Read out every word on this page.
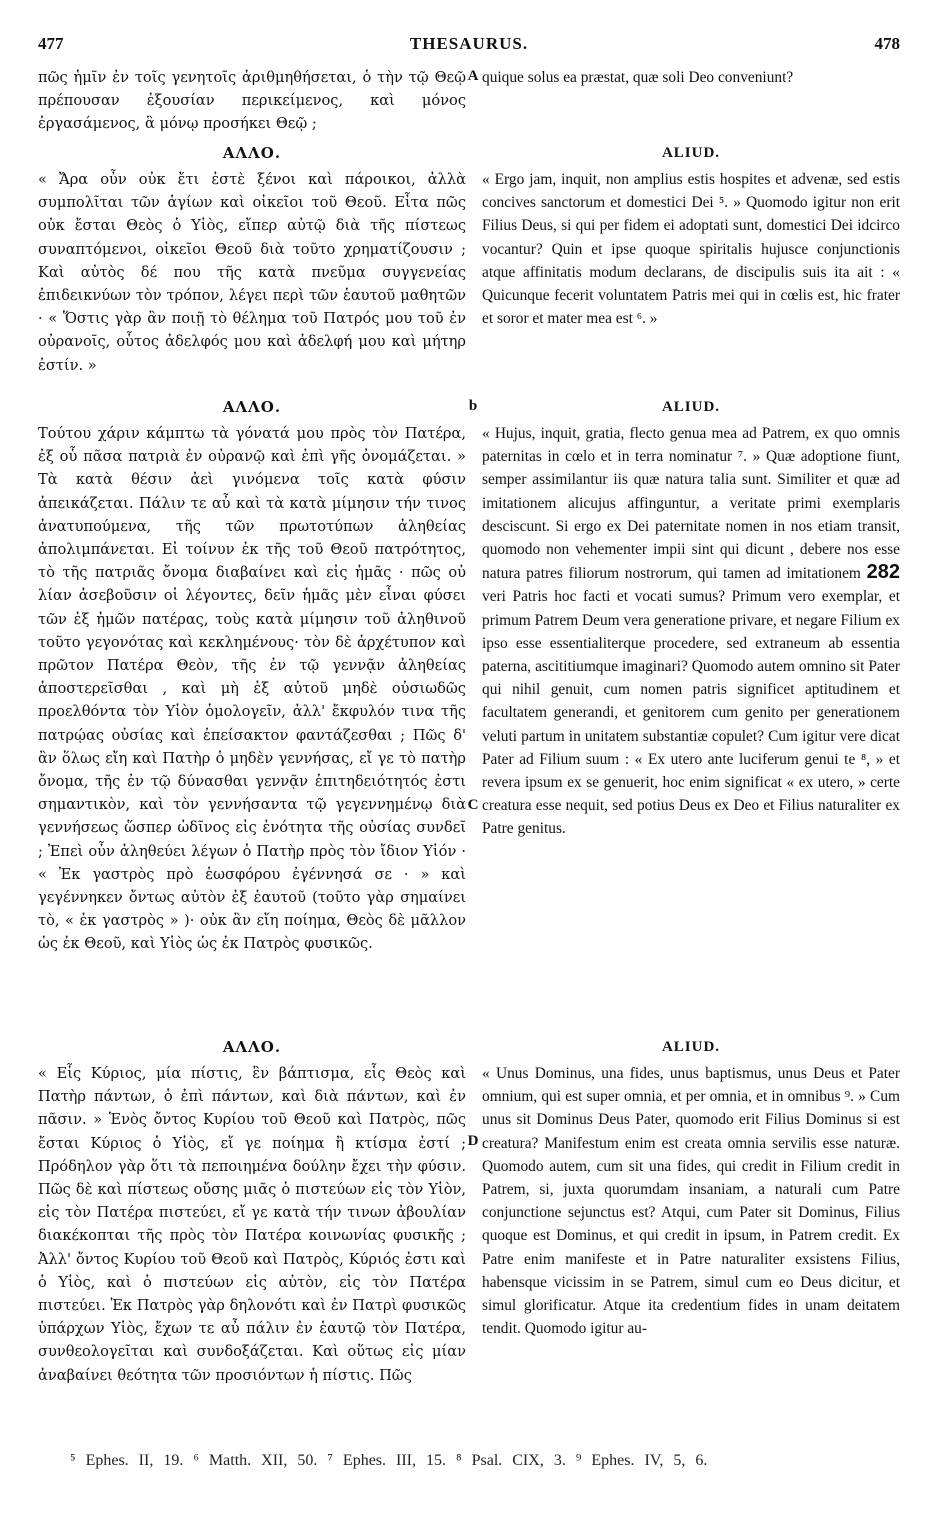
477	THESAURUS.	478
A
b
C
D

πῶς ἡμῖν ἐν τοῖς γενητοῖς ἀριθμηθήσεται, ὁ τὴν τῷ Θεῷ πρέπουσαν ἐξουσίαν περικείμενος, καὶ μόνος ἐργασάμενος, ἃ μόνῳ προσήκει Θεῷ ;

ΑΛΛΟ.

« Ἄρα οὖν οὐκ ἔτι ἐστὲ ξένοι καὶ πάροικοι, ἀλλὰ συμπολῖται τῶν ἁγίων καὶ οἰκεῖοι τοῦ Θεοῦ. Εἶτα πῶς οὐκ ἔσται Θεὸς ὁ Υἱὸς, εἴπερ αὐτῷ διὰ τῆς πίστεως συναπτόμενοι, οἰκεῖοι Θεοῦ διὰ τοῦτο χρηματίζουσιν ; Καὶ αὐτὸς δέ που τῆς κατὰ πνεῦμα συγγενείας ἐπιδεικνύων τὸν τρόπον, λέγει περὶ τῶν ἑαυτοῦ μαθητῶν · « Ὅστις γὰρ ἂν ποιῇ τὸ θέλημα τοῦ Πατρός μου τοῦ ἐν οὐρανοῖς, οὗτος ἀδελφός μου καὶ ἀδελφή μου καὶ μήτηρ ἐστίν. »

ΑΛΛΟ.

Τούτου χάριν κάμπτω τὰ γόνατά μου πρὸς τὸν Πατέρα, ἐξ οὗ πᾶσα πατριὰ ἐν οὐρανῷ καὶ ἐπὶ γῆς ὀνομάζεται. » Τὰ κατὰ θέσιν ἀεὶ γινόμενα τοῖς κατὰ φύσιν ἀπεικάζεται. Πάλιν τε αὖ καὶ τὰ κατὰ μίμησιν τήν τινος ἀνατυπούμενα, τῆς τῶν πρωτοτύπων ἀληθείας ἀπολιμπάνεται. Εἰ τοίνυν ἐκ τῆς τοῦ Θεοῦ πατρότητος, τὸ τῆς πατριᾶς ὄνομα διαβαίνει καὶ εἰς ἡμᾶς · πῶς οὐ λίαν ἀσεβοῦσιν οἱ λέγοντες, δεῖν ἡμᾶς μὲν εἶναι φύσει τῶν ἐξ ἡμῶν πατέρας, τοὺς κατὰ μίμησιν τοῦ ἀληθινοῦ τοῦτο γεγονότας καὶ κεκλημένους· τὸν δὲ ἀρχέτυπον καὶ πρῶτον Πατέρα Θεὸν, τῆς ἐν τῷ γεννᾷν ἀληθείας ἀποστερεῖσθαι , καὶ μὴ ἐξ αὐτοῦ μηδὲ οὐσιωδῶς προελθόντα τὸν Υἱὸν ὁμολογεῖν, ἀλλ' ἔκφυλόν τινα τῆς πατρῴας οὐσίας καὶ ἐπείσακτον φαντάζεσθαι ; Πῶς δ' ἂν ὅλως εἴη καὶ Πατὴρ ὁ μηδὲν γεννήσας, εἴ γε τὸ πατὴρ ὄνομα, τῆς ἐν τῷ δύνασθαι γεννᾷν ἐπιτηδειότητός ἐστι σημαντικὸν, καὶ τὸν γεννήσαντα τῷ γεγεννημένῳ διὰ γεννήσεως ὥσπερ ὠδῖνος εἰς ἑνότητα τῆς οὐσίας συνδεῖ ; Ἐπεὶ οὖν ἀληθεύει λέγων ὁ Πατὴρ πρὸς τὸν ἴδιον Υἱόν · « Ἐκ γαστρὸς πρὸ ἑωσφόρου ἐγέννησά σε · » καὶ γεγέννηκεν ὄντως αὐτὸν ἐξ ἑαυτοῦ (τοῦτο γὰρ σημαίνει τὸ, « ἐκ γαστρὸς » )· οὐκ ἂν εἴη ποίημα, Θεὸς δὲ μᾶλλον ὡς ἐκ Θεοῦ, καὶ Υἱὸς ὡς ἐκ Πατρὸς φυσικῶς.

ΑΛΛΟ.

« Εἷς Κύριος, μία πίστις, ἓν βάπτισμα, εἷς Θεὸς καὶ Πατὴρ πάντων, ὁ ἐπὶ πάντων, καὶ διὰ πάντων, καὶ ἐν πᾶσιν. » Ἑνὸς ὄντος Κυρίου τοῦ Θεοῦ καὶ Πατρὸς, πῶς ἔσται Κύριος ὁ Υἱὸς, εἴ γε ποίημα ἢ κτίσμα ἐστί ; Πρόδηλον γὰρ ὅτι τὰ πεποιημένα δούλην ἔχει τὴν φύσιν. Πῶς δὲ καὶ πίστεως οὔσης μιᾶς ὁ πιστεύων εἰς τὸν Υἱὸν, εἰς τὸν Πατέρα πιστεύει, εἴ γε κατὰ τήν τινων ἀβουλίαν διακέκοπται τῆς πρὸς τὸν Πατέρα κοινωνίας φυσικῆς ; Ἀλλ' ὄντος Κυρίου τοῦ Θεοῦ καὶ Πατρὸς, Κύριός ἐστι καὶ ὁ Υἱὸς, καὶ ὁ πιστεύων εἰς αὐτὸν, εἰς τὸν Πατέρα πιστεύει. Ἐκ Πατρὸς γὰρ δηλονότι καὶ ἐν Πατρὶ φυσικῶς ὑπάρχων Υἱὸς, ἔχων τε αὖ πάλιν ἐν ἑαυτῷ τὸν Πατέρα, συνθεολογεῖται καὶ συνδοξάζεται. Καὶ οὕτως εἰς μίαν ἀναβαίνει θεότητα τῶν προσιόντων ἡ πίστις. Πῶς

quique solus ea præstat, quæ soli Deo conveniunt?

ALIUD.

« Ergo jam, inquit, non amplius estis hospites et advenæ, sed estis concives sanctorum et domestici Dei ⁵. » Quomodo igitur non erit Filius Deus, si qui per fidem ei adoptati sunt, domestici Dei idcirco vocantur? Quin et ipse quoque spiritalis hujusce conjunctionis atque affinitatis modum declarans, de discipulis suis ita ait : « Quicunque fecerit voluntatem Patris mei qui in cœlis est, hic frater et soror et mater mea est ⁶. »

ALIUD.

« Hujus, inquit, gratia, flecto genua mea ad Patrem, ex quo omnis paternitas in cœlo et in terra nominatur ⁷. » Quæ adoptione fiunt, semper assimilantur iis quæ natura talia sunt. Similiter et quæ ad imitationem alicujus affinguntur, a veritate primi exemplaris desciscunt. Si ergo ex Dei paternitate nomen in nos etiam transit, quomodo non vehementer impii sint qui dicunt , debere nos esse natura patres filiorum nostrorum, qui tamen ad imitationem 282 veri Patris hoc facti et vocati sumus? Primum vero exemplar, et primum Patrem Deum vera generatione privare, et negare Filium ex ipso esse essentialiterque procedere, sed extraneum ab essentia paterna, ascititiumque imaginari? Quomodo autem omnino sit Pater qui nihil genuit, cum nomen patris significet aptitudinem et facultatem generandi, et genitorem cum genito per generationem veluti partum in unitatem substantiæ copulet? Cum igitur vere dicat Pater ad Filium suum : « Ex utero ante luciferum genui te ⁸, » et revera ipsum ex se genuerit, hoc enim significat « ex utero, » certe creatura esse nequit, sed potius Deus ex Deo et Filius naturaliter ex Patre genitus.

ALIUD.

« Unus Dominus, una fides, unus baptismus, unus Deus et Pater omnium, qui est super omnia, et per omnia, et in omnibus ⁹. » Cum unus sit Dominus Deus Pater, quomodo erit Filius Dominus si est creatura? Manifestum enim est creata omnia servilis esse naturæ. Quomodo autem, cum sit una fides, qui credit in Filium credit in Patrem, si, juxta quorumdam insaniam, a naturali cum Patre conjunctione sejunctus est? Atqui, cum Pater sit Dominus, Filius quoque est Dominus, et qui credit in ipsum, in Patrem credit. Ex Patre enim manifeste et in Patre naturaliter exsistens Filius, habensque vicissim in se Patrem, simul cum eo Deus dicitur, et simul glorificatur. Atque ita credentium fides in unam deitatem tendit. Quomodo igitur au-

⁵ Ephes. II, 19. ⁶ Matth. XII, 50. ⁷ Ephes. III, 15. ⁸ Psal. CIX, 3. ⁹ Ephes. IV, 5, 6.
